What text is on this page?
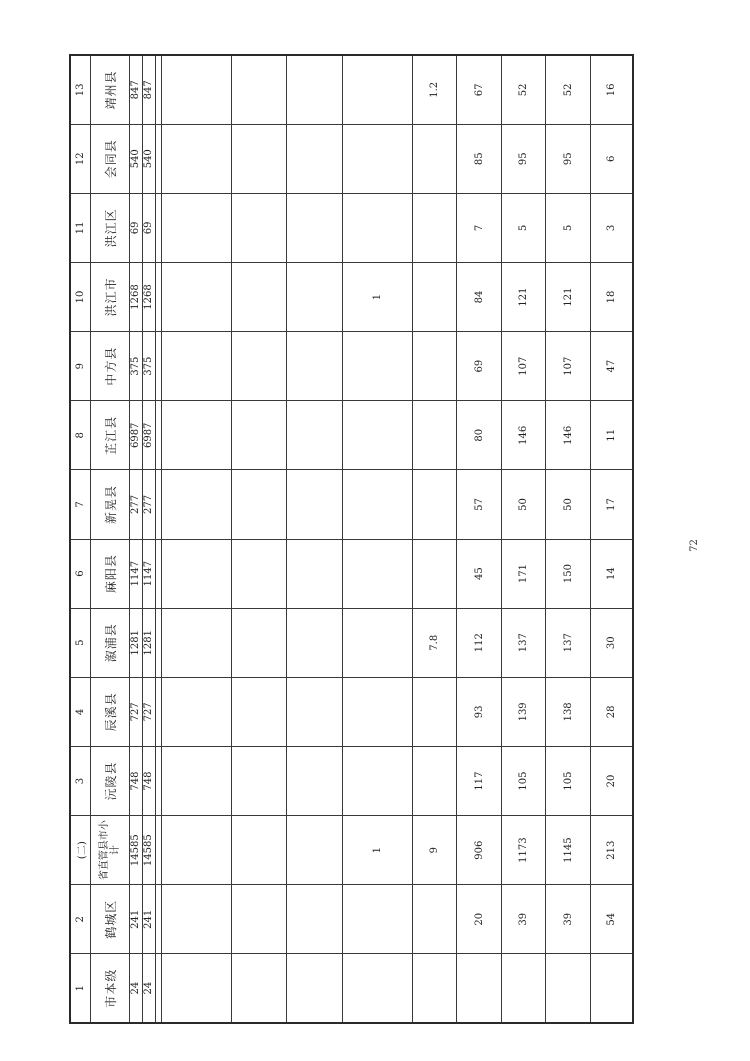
1	2	(二)	3	4	5	6	7	8	9	10	11	12	13
市本级	鹤城区	省直管县市小计	沅陵县	辰溪县	溆浦县	麻阳县	新晃县	芷江县	中方县	洪江市	洪江区	会同县	靖州县
24	241	14585	748	727	1281	1147	277	6987	375	1268	69	540	847
24	241	14585	748	727	1281	1147	277	6987	375	1268	69	540	847

		1								1			
		9			7.8								1.2
	20	906	117	93	112	45	57	80	69	84	7	85	67
	39	1173	105	139	137	171	50	146	107	121	5	95	52
	39	1145	105	138	137	150	50	146	107	121	5	95	52
	54	213	20	28	30	14	17	11	47	18	3	6	16
72
